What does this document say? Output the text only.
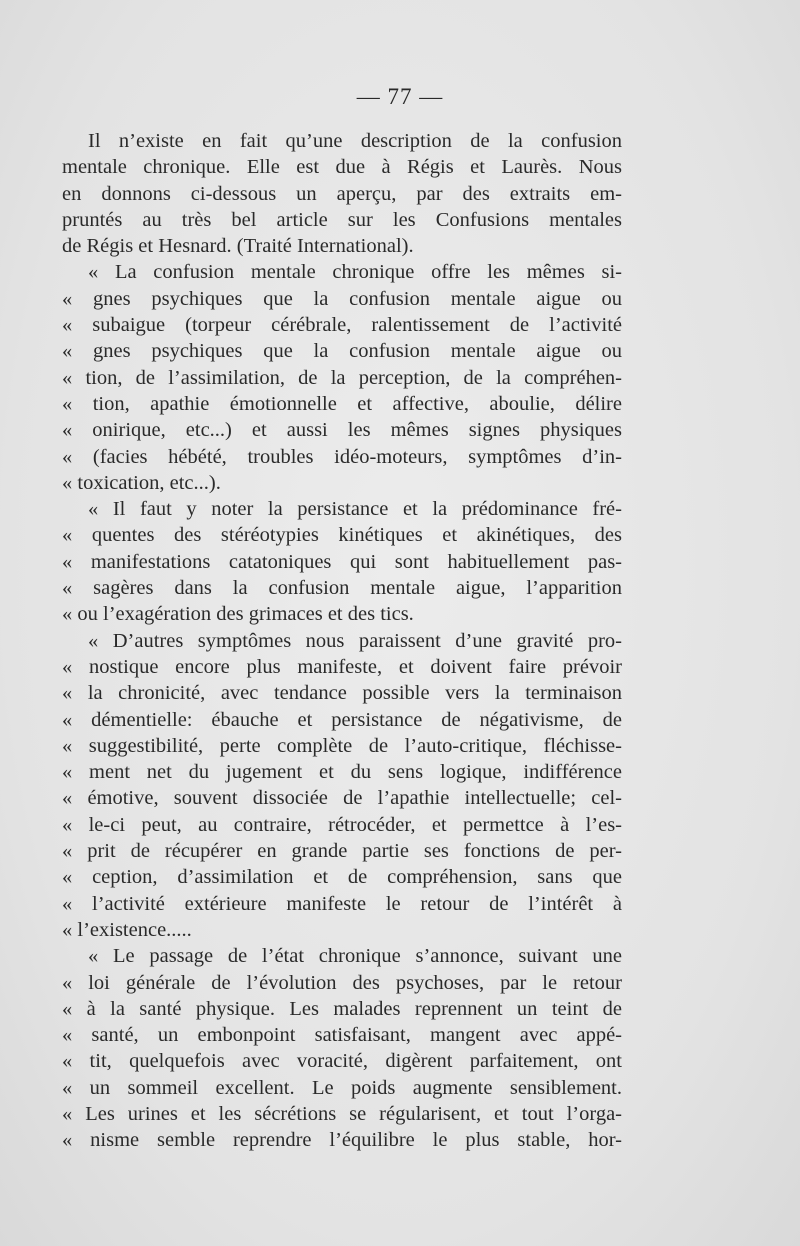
— 77 —
Il n’existe en fait qu’une description de la confusion
mentale chronique. Elle est due à Régis et Laurès. Nous
en donnons ci-dessous un aperçu, par des extraits em-
pruntés au très bel article sur les Confusions mentales
de Régis et Hesnard. (Traité International).
« La confusion mentale chronique offre les mêmes si-
« gnes psychiques que la confusion mentale aigue ou
« subaigue (torpeur cérébrale, ralentissement de l’activité
« gnes psychiques que la confusion mentale aigue ou
« tion, de l’assimilation, de la perception, de la compréhen-
« tion, apathie émotionnelle et affective, aboulie, délire
« onirique, etc...) et aussi les mêmes signes physiques
« (facies hébété, troubles idéo-moteurs, symptômes d’in-
« toxication, etc...).
« Il faut y noter la persistance et la prédominance fré-
« quentes des stéréotypies kinétiques et akinétiques, des
« manifestations catatoniques qui sont habituellement pas-
« sagères dans la confusion mentale aigue, l’apparition
« ou l’exagération des grimaces et des tics.
« D’autres symptômes nous paraissent d’une gravité pro-
« nostique encore plus manifeste, et doivent faire prévoir
« la chronicité, avec tendance possible vers la terminaison
« démentielle: ébauche et persistance de négativisme, de
« suggestibilité, perte complète de l’auto-critique, fléchisse-
« ment net du jugement et du sens logique, indifférence
« émotive, souvent dissociée de l’apathie intellectuelle; cel-
« le-ci peut, au contraire, rétrocéder, et permettce à l’es-
« prit de récupérer en grande partie ses fonctions de per-
« ception, d’assimilation et de compréhension, sans que
« l’activité extérieure manifeste le retour de l’intérêt à
« l’existence.....
« Le passage de l’état chronique s’annonce, suivant une
« loi générale de l’évolution des psychoses, par le retour
« à la santé physique. Les malades reprennent un teint de
« santé, un embonpoint satisfaisant, mangent avec appé-
« tit, quelquefois avec voracité, digèrent parfaitement, ont
« un sommeil excellent. Le poids augmente sensiblement.
« Les urines et les sécrétions se régularisent, et tout l’orga-
« nisme semble reprendre l’équilibre le plus stable, hor-
